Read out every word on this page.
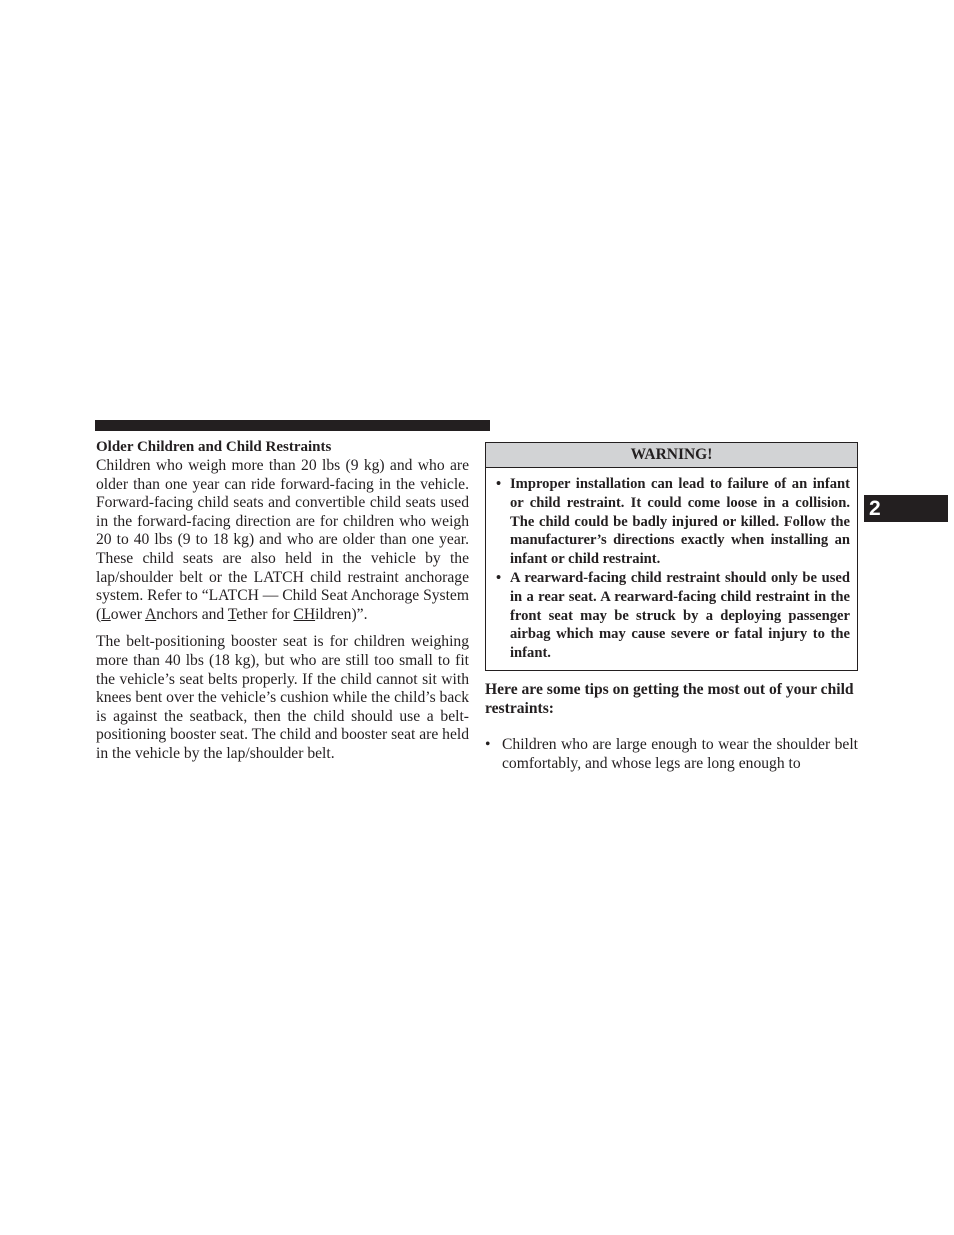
Older Children and Child Restraints

Children who weigh more than 20 lbs (9 kg) and who are older than one year can ride forward-facing in the vehicle. Forward-facing child seats and convertible child seats used in the forward-facing direction are for children who weigh 20 to 40 lbs (9 to 18 kg) and who are older than one year. These child seats are also held in the vehicle by the lap/shoulder belt or the LATCH child restraint anchorage system. Refer to “LATCH — Child Seat Anchorage System (Lower Anchors and Tether for CHildren)”.

The belt-positioning booster seat is for children weighing more than 40 lbs (18 kg), but who are still too small to fit the vehicle’s seat belts properly. If the child cannot sit with knees bent over the vehicle’s cushion while the child’s back is against the seatback, then the child should use a belt-positioning booster seat. The child and booster seat are held in the vehicle by the lap/shoulder belt.

WARNING!
• Improper installation can lead to failure of an infant or child restraint. It could come loose in a collision. The child could be badly injured or killed. Follow the manufacturer’s directions exactly when installing an infant or child restraint.
• A rearward-facing child restraint should only be used in a rear seat. A rearward-facing child restraint in the front seat may be struck by a deploying passenger airbag which may cause severe or fatal injury to the infant.

Here are some tips on getting the most out of your child restraints:

• Children who are large enough to wear the shoulder belt comfortably, and whose legs are long enough to
2
